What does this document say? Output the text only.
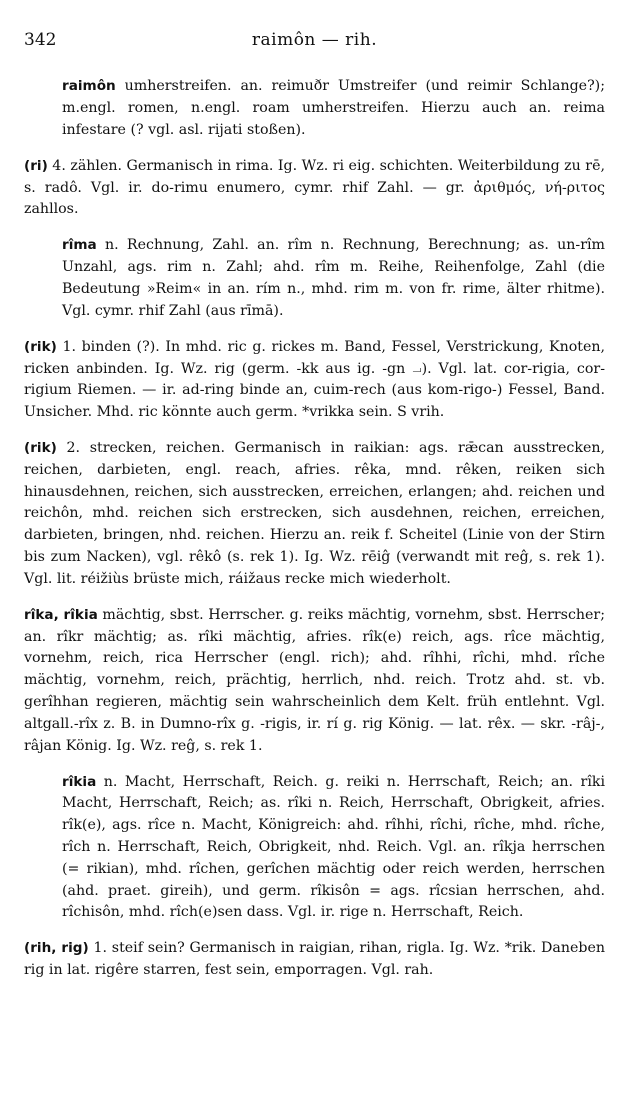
342	raimôn — rih.

raimôn umherstreifen. an. reimuðr Umstreifer (und reimir Schlange?); m.engl. romen, n.engl. roam umherstreifen. Hierzu auch an. reima infestare (? vgl. asl. rijati stoßen).

(ri) 4. zählen. Germanisch in rima. Ig. Wz. ri eig. schichten. Weiterbildung zu rē, s. radô. Vgl. ir. do-rimu enumero, cymr. rhif Zahl. — gr. ἀριθμός, νή-ριτος zahllos.

rîma n. Rechnung, Zahl. an. rîm n. Rechnung, Berechnung; as. un-rîm Unzahl, ags. rim n. Zahl; ahd. rîm m. Reihe, Reihenfolge, Zahl (die Bedeutung »Reim« in an. rím n., mhd. rim m. von fr. rime, älter rhitme). Vgl. cymr. rhif Zahl (aus rīmā).

(rik) 1. binden (?). In mhd. ric g. rickes m. Band, Fessel, Verstrickung, Knoten, ricken anbinden. Ig. Wz. rig (germ. -kk aus ig. -gn ⏗). Vgl. lat. cor-rigia, cor-rigium Riemen. — ir. ad-ring binde an, cuim-rech (aus kom-rigo-) Fessel, Band. Unsicher. Mhd. ric könnte auch germ. *vrikka sein. S vrih.

(rik) 2. strecken, reichen. Germanisch in raikian: ags. rǣcan ausstrecken, reichen, darbieten, engl. reach, afries. rêka, mnd. rêken, reiken sich hinausdehnen, reichen, sich ausstrecken, erreichen, erlangen; ahd. reichen und reichôn, mhd. reichen sich erstrecken, sich ausdehnen, reichen, erreichen, darbieten, bringen, nhd. reichen. Hierzu an. reik f. Scheitel (Linie von der Stirn bis zum Nacken), vgl. rêkô (s. rek 1). Ig. Wz. rēiĝ (verwandt mit reĝ, s. rek 1). Vgl. lit. réižiùs brüste mich, ráižaus recke mich wiederholt.

rîka, rîkia mächtig, sbst. Herrscher. g. reiks mächtig, vornehm, sbst. Herrscher; an. rîkr mächtig; as. rîki mächtig, afries. rîk(e) reich, ags. rîce mächtig, vornehm, reich, rica Herrscher (engl. rich); ahd. rîhhi, rîchi, mhd. rîche mächtig, vornehm, reich, prächtig, herrlich, nhd. reich. Trotz ahd. st. vb. gerîhhan regieren, mächtig sein wahrscheinlich dem Kelt. früh entlehnt. Vgl. altgall.-rîx z. B. in Dumno-rîx g. -rigis, ir. rí g. rig König. — lat. rêx. — skr. -râj-, râjan König. Ig. Wz. reĝ, s. rek 1.

rîkia n. Macht, Herrschaft, Reich. g. reiki n. Herrschaft, Reich; an. rîki Macht, Herrschaft, Reich; as. rîki n. Reich, Herrschaft, Obrigkeit, afries. rîk(e), ags. rîce n. Macht, Königreich: ahd. rîhhi, rîchi, rîche, mhd. rîche, rîch n. Herrschaft, Reich, Obrigkeit, nhd. Reich. Vgl. an. rîkja herrschen (= rikian), mhd. rîchen, gerîchen mächtig oder reich werden, herrschen (ahd. praet. gireih), und germ. rîkisôn = ags. rîcsian herrschen, ahd. rîchisôn, mhd. rîch(e)sen dass. Vgl. ir. rige n. Herrschaft, Reich.

(rih, rig) 1. steif sein? Germanisch in raigian, rihan, rigla. Ig. Wz. *rik. Daneben rig in lat. rigêre starren, fest sein, emporragen. Vgl. rah.
